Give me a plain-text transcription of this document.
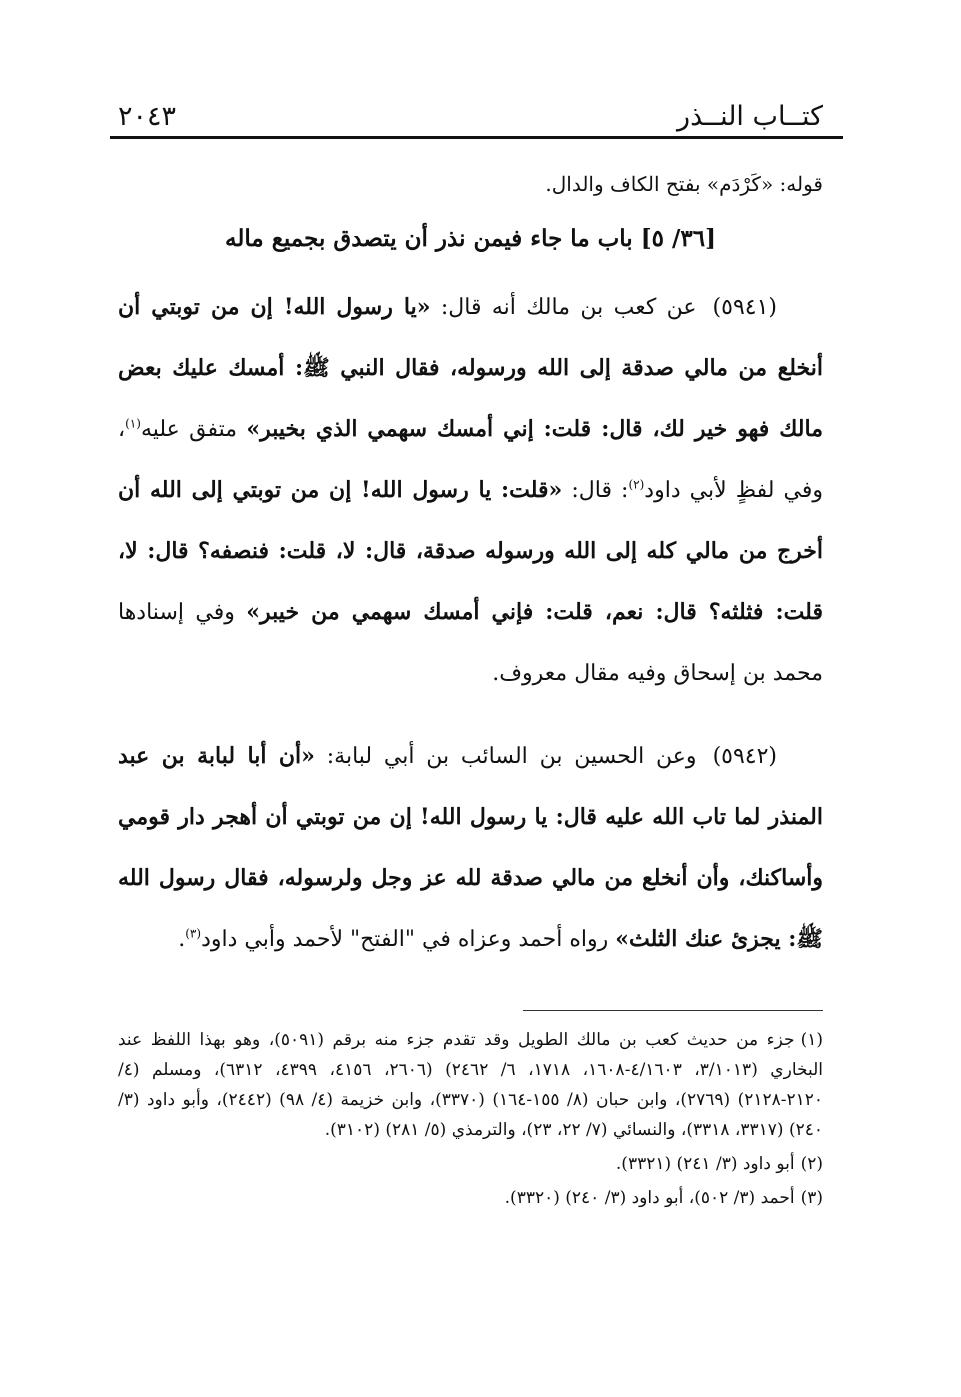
كتــاب النــذر
٢٠٤٣

قوله: «كَرْدَم» بفتح الكاف والدال.

[٣٦/ ٥] باب ما جاء فيمن نذر أن يتصدق بجميع ماله

(٥٩٤١)عن كعب بن مالك أنه قال: «يا رسول الله! إن من توبتي أن أنخلع من مالي صدقة إلى الله ورسوله، فقال النبي ﷺ: أمسك عليك بعض مالك فهو خير لك، قال: قلت: إني أمسك سهمي الذي بخيبر» متفق عليه$^{(١)}$، وفي لفظٍ لأبي داود$^{(٢)}$: قال: «قلت: يا رسول الله! إن من توبتي إلى الله أن أخرج من مالي كله إلى الله ورسوله صدقة، قال: لا، قلت: فنصفه؟ قال: لا، قلت: فثلثه؟ قال: نعم، قلت: فإني أمسك سهمي من خيبر» وفي إسنادها محمد بن إسحاق وفيه مقال معروف.

(٥٩٤٢)وعن الحسين بن السائب بن أبي لبابة: «أن أبا لبابة بن عبد المنذر لما تاب الله عليه قال: يا رسول الله! إن من توبتي أن أهجر دار قومي وأساكنك، وأن أنخلع من مالي صدقة لله عز وجل ولرسوله، فقال رسول الله ﷺ: يجزئ عنك الثلث» رواه أحمد وعزاه في "الفتح" لأحمد وأبي داود$^{(٣)}$.

(١)جزء من حديث كعب بن مالك الطويل وقد تقدم جزء منه برقم (٥٠٩١)، وهو بهذا اللفظ عند البخاري (٣/١٠١٣، ٤/١٦٠٣-١٦٠٨، ١٧١٨، ٦/ ٢٤٦٢) (٢٦٠٦، ٤١٥٦، ٤٣٩٩، ٦٣١٢)، ومسلم (٤/ ٢١٢٠-٢١٢٨) (٢٧٦٩)، وابن حبان (٨/ ١٥٥-١٦٤) (٣٣٧٠)، وابن خزيمة (٤/ ٩٨) (٢٤٤٢)، وأبو داود (٣/ ٢٤٠) (٣٣١٧، ٣٣١٨)، والنسائي (٧/ ٢٢، ٢٣)، والترمذي (٥/ ٢٨١) (٣١٠٢).

(٢)أبو داود (٣/ ٢٤١) (٣٣٢١).

(٣)أحمد (٣/ ٥٠٢)، أبو داود (٣/ ٢٤٠) (٣٣٢٠).
